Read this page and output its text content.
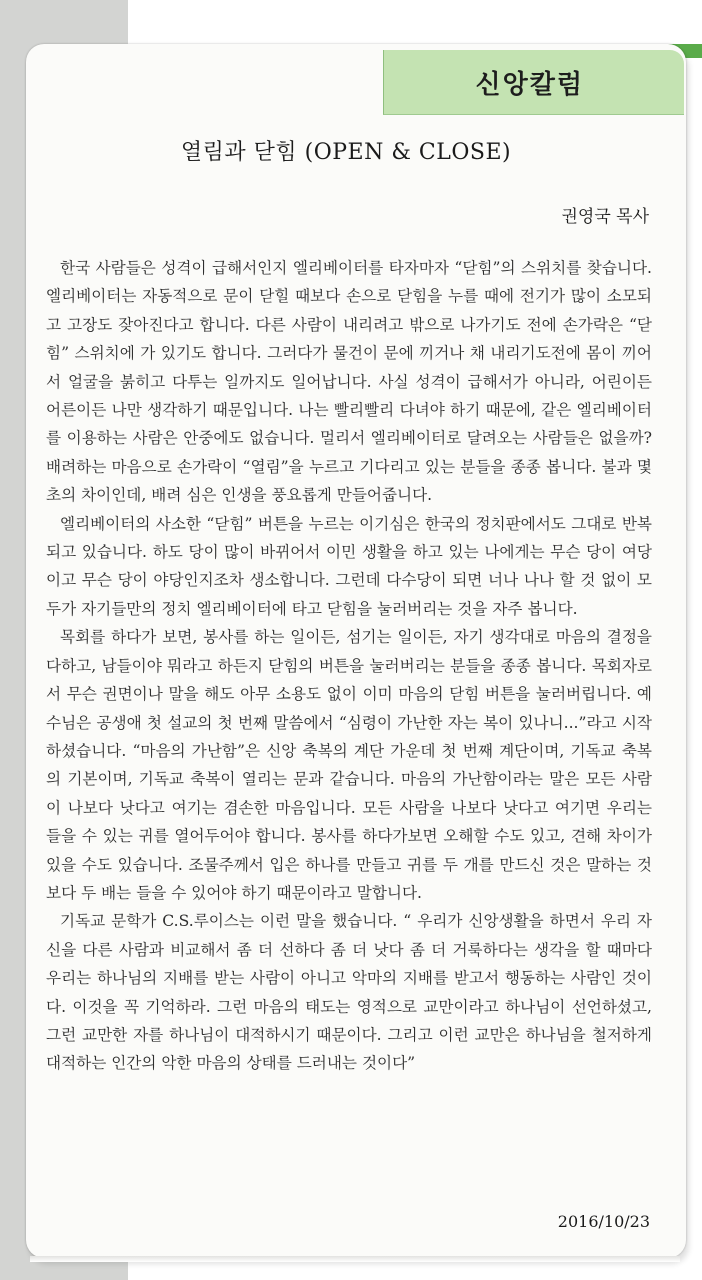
신앙칼럼
열림과 닫힘 (OPEN & CLOSE)
권영국 목사

한국 사람들은 성격이 급해서인지 엘리베이터를 타자마자 “닫힘”의 스위치를 찾습니다. 엘리베이터는 자동적으로 문이 닫힐 때보다 손으로 닫힘을 누를 때에 전기가 많이 소모되고 고장도 잦아진다고 합니다. 다른 사람이 내리려고 밖으로 나가기도 전에 손가락은 “닫힘” 스위치에 가 있기도 합니다. 그러다가 물건이 문에 끼거나 채 내리기도전에 몸이 끼어서 얼굴을 붉히고 다투는 일까지도 일어납니다. 사실 성격이 급해서가 아니라, 어린이든 어른이든 나만 생각하기 때문입니다. 나는 빨리빨리 다녀야 하기 때문에, 같은 엘리베이터를 이용하는 사람은 안중에도 없습니다. 멀리서 엘리베이터로 달려오는 사람들은 없을까? 배려하는 마음으로 손가락이 “열림”을 누르고 기다리고 있는 분들을 종종 봅니다. 불과 몇 초의 차이인데, 배려 심은 인생을 풍요롭게 만들어줍니다.

엘리베이터의 사소한 “닫힘” 버튼을 누르는 이기심은 한국의 정치판에서도 그대로 반복되고 있습니다. 하도 당이 많이 바뀌어서 이민 생활을 하고 있는 나에게는 무슨 당이 여당이고 무슨 당이 야당인지조차 생소합니다. 그런데 다수당이 되면 너나 나나 할 것 없이 모두가 자기들만의 정치 엘리베이터에 타고 닫힘을 눌러버리는 것을 자주 봅니다.

목회를 하다가 보면, 봉사를 하는 일이든, 섬기는 일이든, 자기 생각대로 마음의 결정을 다하고, 남들이야 뭐라고 하든지 닫힘의 버튼을 눌러버리는 분들을 종종 봅니다. 목회자로서 무슨 권면이나 말을 해도 아무 소용도 없이 이미 마음의 닫힘 버튼을 눌러버립니다. 예수님은 공생애 첫 설교의 첫 번째 말씀에서 “심령이 가난한 자는 복이 있나니...”라고 시작하셨습니다. “마음의 가난함”은 신앙 축복의 계단 가운데 첫 번째 계단이며, 기독교 축복의 기본이며, 기독교 축복이 열리는 문과 같습니다. 마음의 가난함이라는 말은 모든 사람이 나보다 낫다고 여기는 겸손한 마음입니다. 모든 사람을 나보다 낫다고 여기면 우리는 들을 수 있는 귀를 열어두어야 합니다. 봉사를 하다가보면 오해할 수도 있고, 견해 차이가 있을 수도 있습니다. 조물주께서 입은 하나를 만들고 귀를 두 개를 만드신 것은 말하는 것보다 두 배는 들을 수 있어야 하기 때문이라고 말합니다.

기독교 문학가 C.S.루이스는 이런 말을 했습니다. “ 우리가 신앙생활을 하면서 우리 자신을 다른 사람과 비교해서 좀 더 선하다 좀 더 낫다 좀 더 거룩하다는 생각을 할 때마다 우리는 하나님의 지배를 받는 사람이 아니고 악마의 지배를 받고서 행동하는 사람인 것이다. 이것을 꼭 기억하라. 그런 마음의 태도는 영적으로 교만이라고 하나님이 선언하셨고, 그런 교만한 자를 하나님이 대적하시기 때문이다. 그리고 이런 교만은 하나님을 철저하게 대적하는 인간의 악한 마음의 상태를 드러내는 것이다”

2016/10/23
